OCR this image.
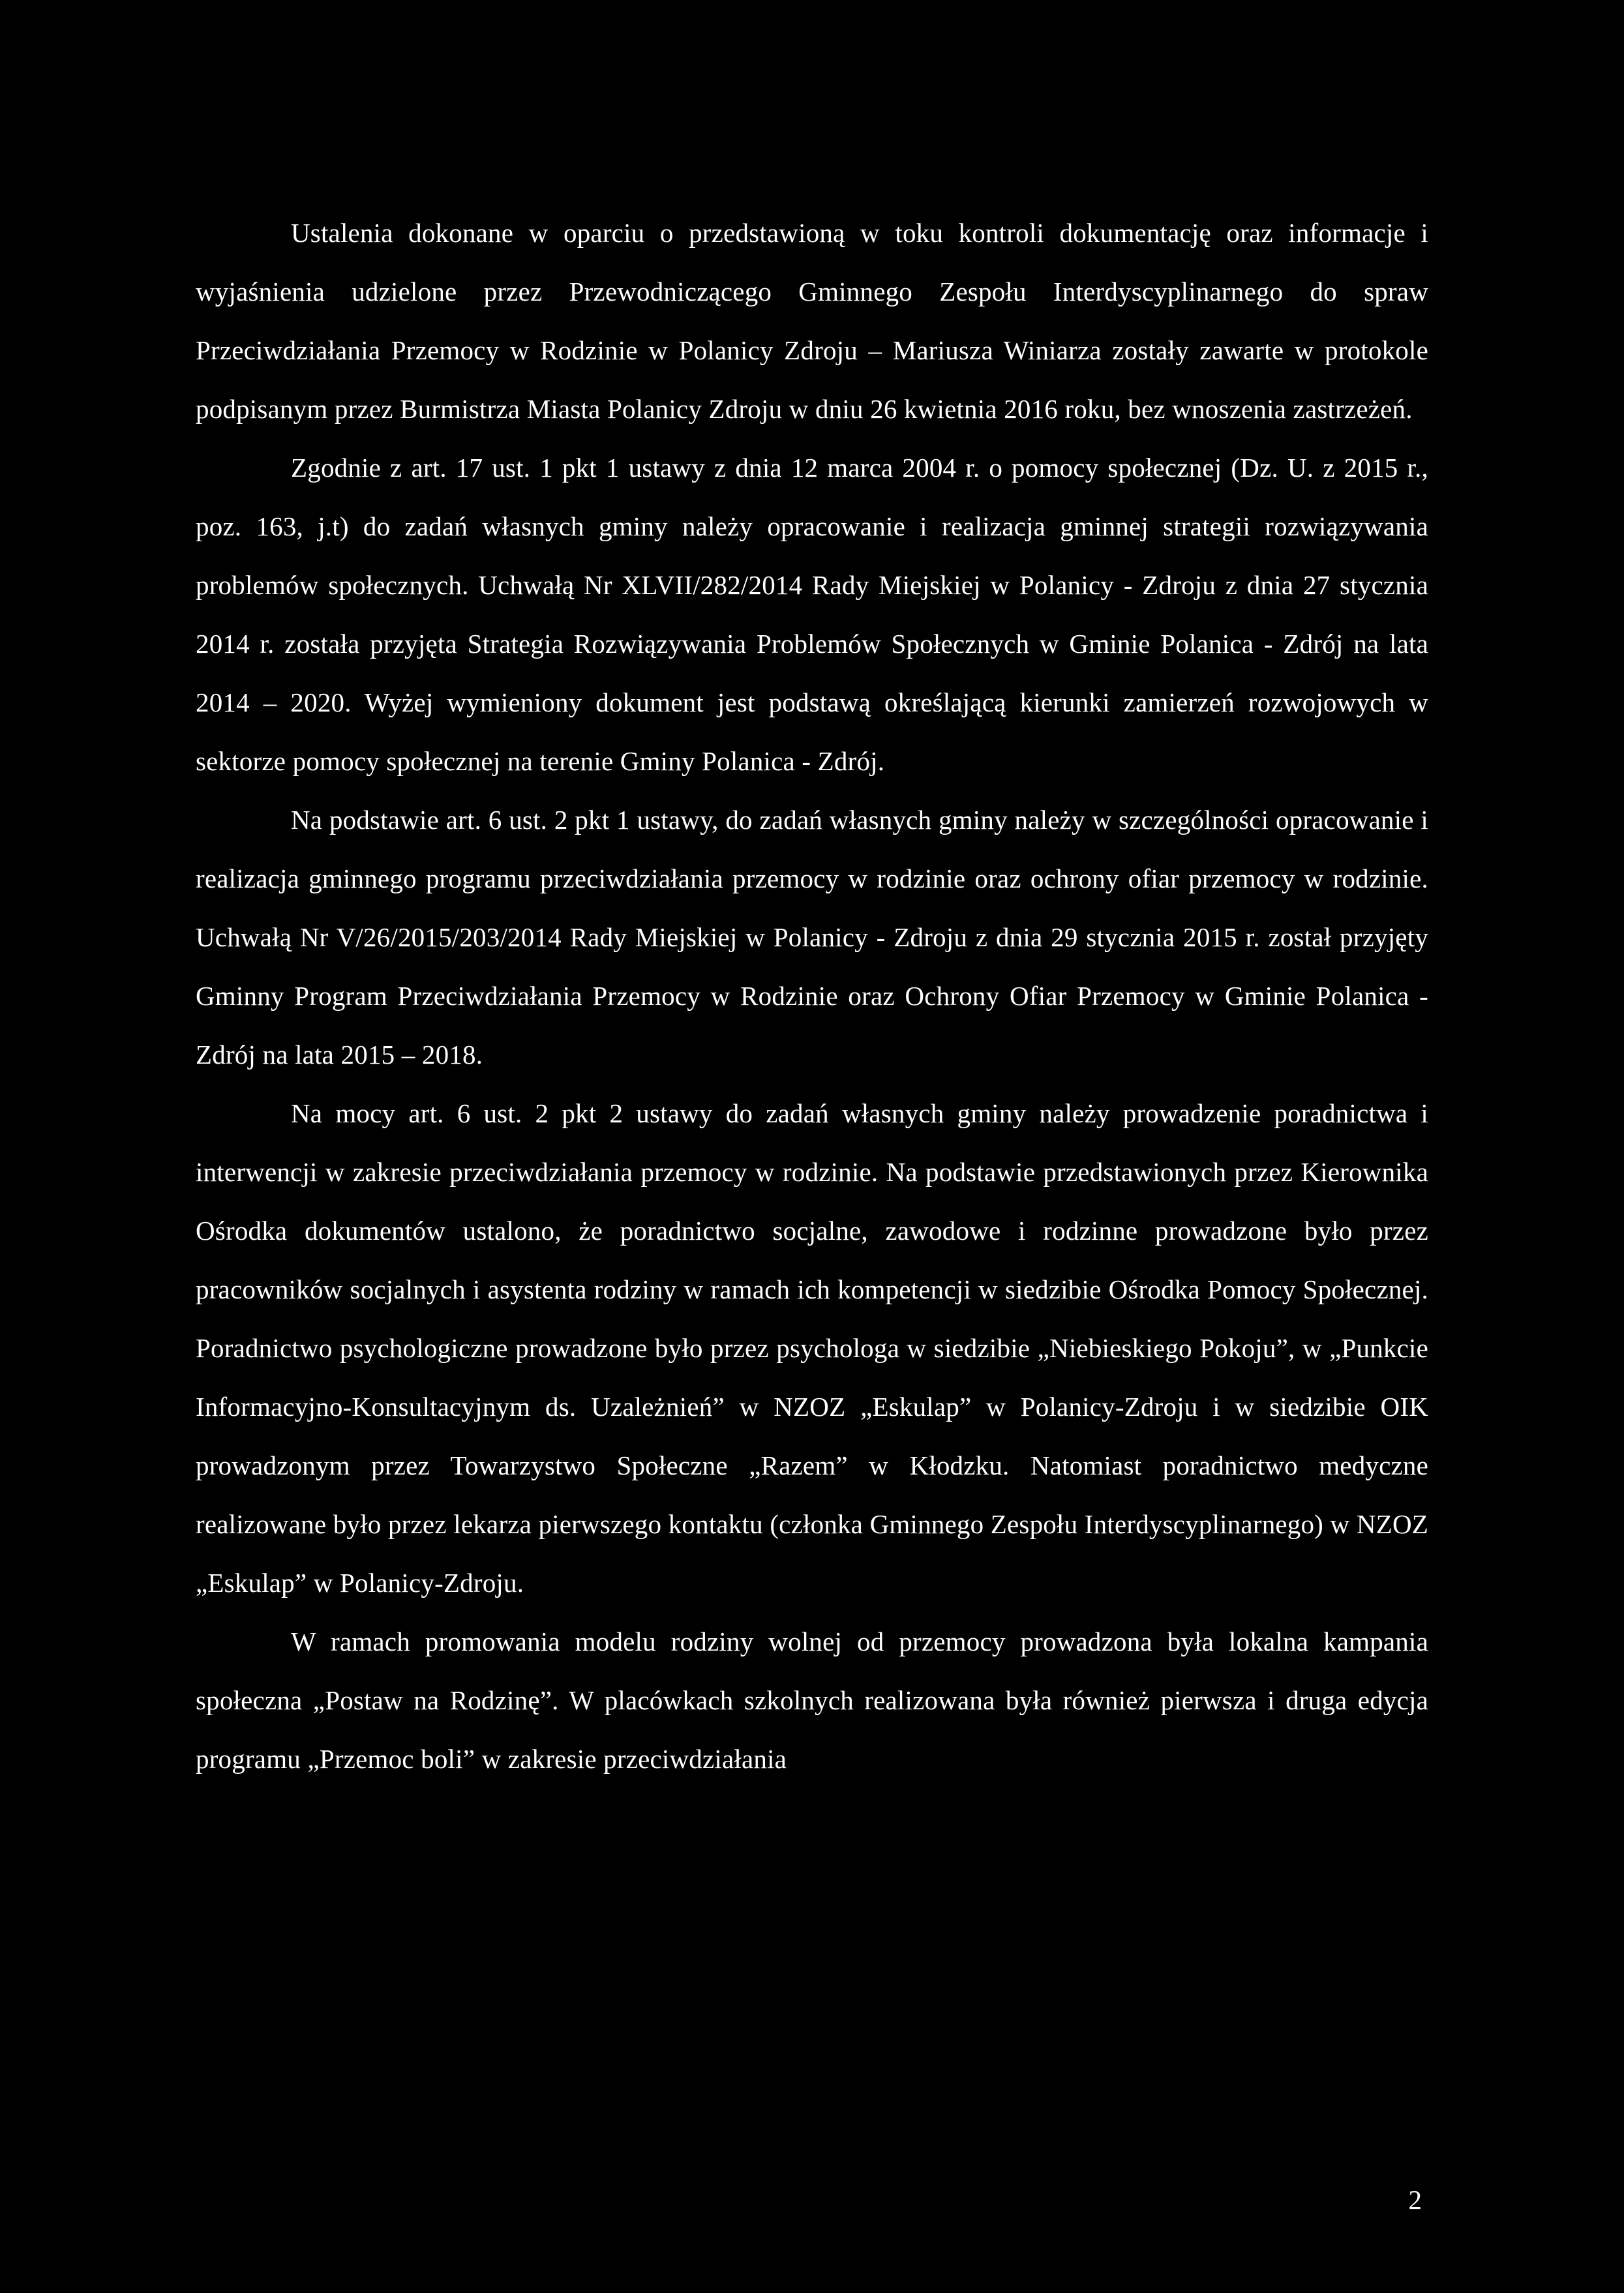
Ustalenia dokonane w oparciu o przedstawioną w toku kontroli dokumentację oraz informacje i wyjaśnienia udzielone przez Przewodniczącego Gminnego Zespołu Interdyscyplinarnego do spraw Przeciwdziałania Przemocy w Rodzinie w Polanicy Zdroju – Mariusza Winiarza zostały zawarte w protokole podpisanym przez Burmistrza Miasta Polanicy Zdroju w dniu 26 kwietnia 2016 roku, bez wnoszenia zastrzeżeń.

Zgodnie z art. 17 ust. 1 pkt 1 ustawy z dnia 12 marca 2004 r. o pomocy społecznej (Dz. U. z 2015 r., poz. 163, j.t) do zadań własnych gminy należy opracowanie i realizacja gminnej strategii rozwiązywania problemów społecznych. Uchwałą Nr XLVII/282/2014 Rady Miejskiej w Polanicy - Zdroju z dnia 27 stycznia 2014 r. została przyjęta Strategia Rozwiązywania Problemów Społecznych w Gminie Polanica - Zdrój na lata 2014 – 2020. Wyżej wymieniony dokument jest podstawą określającą kierunki zamierzeń rozwojowych w sektorze pomocy społecznej na terenie Gminy Polanica - Zdrój.

Na podstawie art. 6 ust. 2 pkt 1 ustawy, do zadań własnych gminy należy w szczególności opracowanie i realizacja gminnego programu przeciwdziałania przemocy w rodzinie oraz ochrony ofiar przemocy w rodzinie. Uchwałą Nr V/26/2015/203/2014 Rady Miejskiej w Polanicy - Zdroju z dnia 29 stycznia 2015 r. został przyjęty Gminny Program Przeciwdziałania Przemocy w Rodzinie oraz Ochrony Ofiar Przemocy w Gminie Polanica - Zdrój na lata 2015 – 2018.

Na mocy art. 6 ust. 2 pkt 2 ustawy do zadań własnych gminy należy prowadzenie poradnictwa i interwencji w zakresie przeciwdziałania przemocy w rodzinie. Na podstawie przedstawionych przez Kierownika Ośrodka dokumentów ustalono, że poradnictwo socjalne, zawodowe i rodzinne prowadzone było przez pracowników socjalnych i asystenta rodziny w ramach ich kompetencji w siedzibie Ośrodka Pomocy Społecznej. Poradnictwo psychologiczne prowadzone było przez psychologa w siedzibie „Niebieskiego Pokoju”, w „Punkcie Informacyjno-Konsultacyjnym ds. Uzależnień” w NZOZ „Eskulap” w Polanicy-Zdroju i w siedzibie OIK prowadzonym przez Towarzystwo Społeczne „Razem” w Kłodzku. Natomiast poradnictwo medyczne realizowane było przez lekarza pierwszego kontaktu (członka Gminnego Zespołu Interdyscyplinarnego) w NZOZ „Eskulap” w Polanicy-Zdroju.

W ramach promowania modelu rodziny wolnej od przemocy prowadzona była lokalna kampania społeczna „Postaw na Rodzinę”. W placówkach szkolnych realizowana była również pierwsza i druga edycja programu „Przemoc boli” w zakresie przeciwdziałania

2
